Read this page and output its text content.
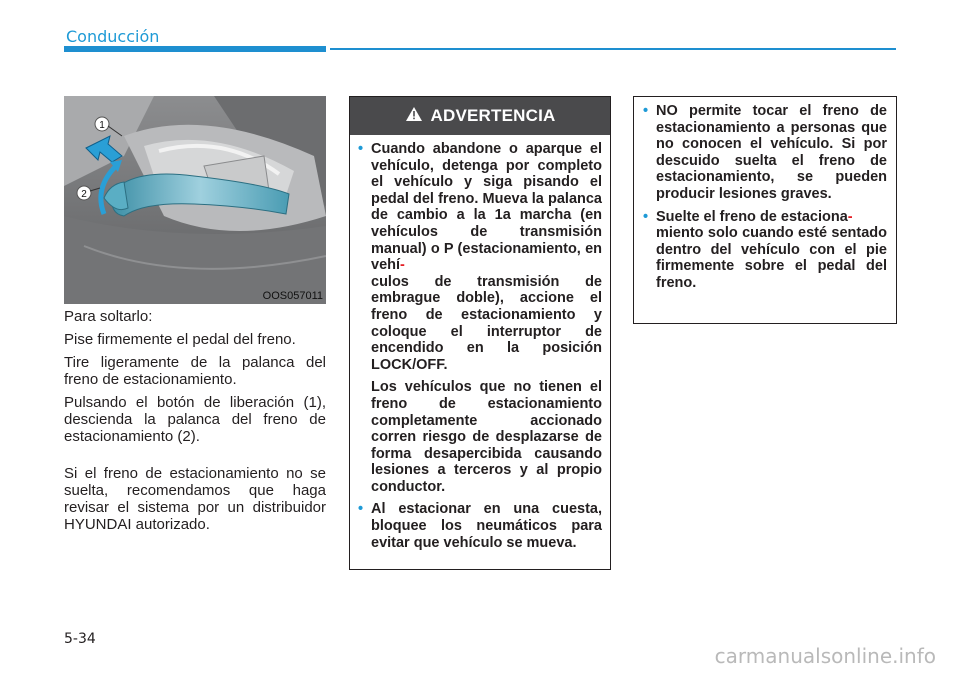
Conducción
1
2
OOS057011

Para soltarlo:

Pise firmemente el pedal del freno.

Tire ligeramente de la palanca del freno de estacionamiento.

Pulsando el botón de liberación (1), descienda la palanca del freno de estacionamiento (2).

Si el freno de estacionamiento no se suelta, recomendamos que haga revisar el sistema por un distribuidor HYUNDAI autorizado.

ADVERTENCIA
• Cuando abandone o aparque el vehículo, detenga por completo el vehículo y siga pisando el pedal del freno. Mueva la palanca de cambio a la 1a marcha (en vehículos de transmisión manual) o P (estacionamiento, en vehí-
culos de transmisión de embrague doble), accione el freno de estacionamiento y coloque el interruptor de encendido en la posición LOCK/OFF.

Los vehículos que no tienen el freno de estacionamiento completamente accionado corren riesgo de desplazarse de forma desapercibida causando lesiones a terceros y al propio conductor.

• Al estacionar en una cuesta, bloquee los neumáticos para evitar que vehículo se mueva.

• NO permite tocar el freno de estacionamiento a personas que no conocen el vehículo. Si por descuido suelta el freno de estacionamiento, se pueden producir lesiones graves.

• Suelte el freno de estaciona-
miento solo cuando esté sentado dentro del vehículo con el pie firmemente sobre el pedal del freno.

5-34
carmanualsonline.info
